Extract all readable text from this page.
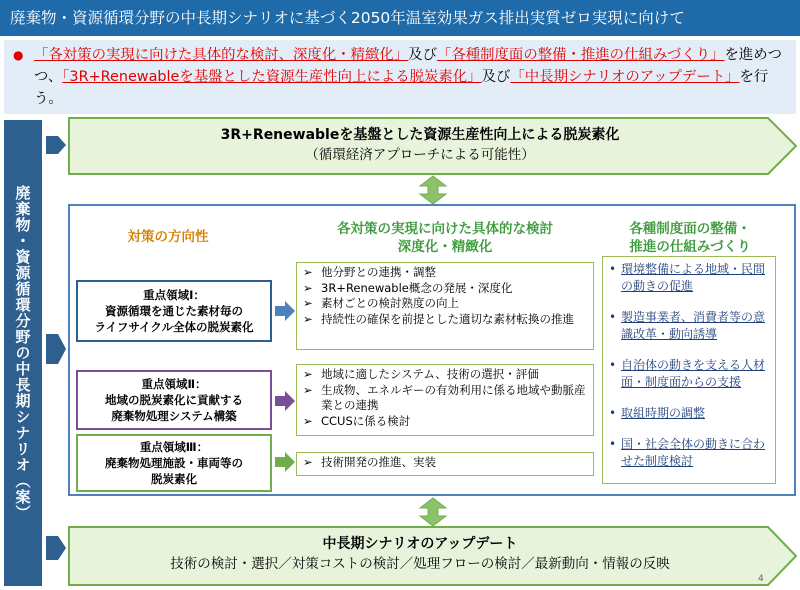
廃棄物・資源循環分野の中長期シナリオに基づく2050年温室効果ガス排出実質ゼロ実現に向けて
● 「各対策の実現に向けた具体的な検討、深度化・精緻化」及び「各種制度面の整備・推進の仕組みづくり」を進めつつ、「3R+Renewableを基盤とした資源生産性向上による脱炭素化」及び「中長期シナリオのアップデート」を行う。
廃棄物・資源循環分野の中長期シナリオ（案）
3R+Renewableを基盤とした資源生産性向上による脱炭素化
（循環経済アプローチによる可能性）
対策の方向性	各対策の実現に向けた具体的な検討
深度化・精緻化
各種制度面の整備・
推進の仕組みづくり
重点領域Ⅰ：
資源循環を通じた素材毎の
ライフサイクル全体の脱炭素化
重点領域Ⅱ：
地域の脱炭素化に貢献する
廃棄物処理システム構築
重点領域Ⅲ：
廃棄物処理施設・車両等の
脱炭素化
➢ 他分野との連携・調整
➢ 3R+Renewable概念の発展・深度化
➢ 素材ごとの検討熟度の向上
➢ 持続性の確保を前提とした適切な素材転換の推進
➢ 地域に適したシステム、技術の選択・評価
➢ 生成物、エネルギーの有効利用に係る地域や動脈産業との連携
➢ CCUSに係る検討
➢ 技術開発の推進、実装
• 環境整備による地域・民間の動きの促進
• 製造事業者、消費者等の意識改革・動向誘導
• 自治体の動きを支える人材面・制度面からの支援
• 取組時期の調整
• 国・社会全体の動きに合わせた制度検討
中長期シナリオのアップデート
技術の検討・選択／対策コストの検討／処理フローの検討／最新動向・情報の反映
4
